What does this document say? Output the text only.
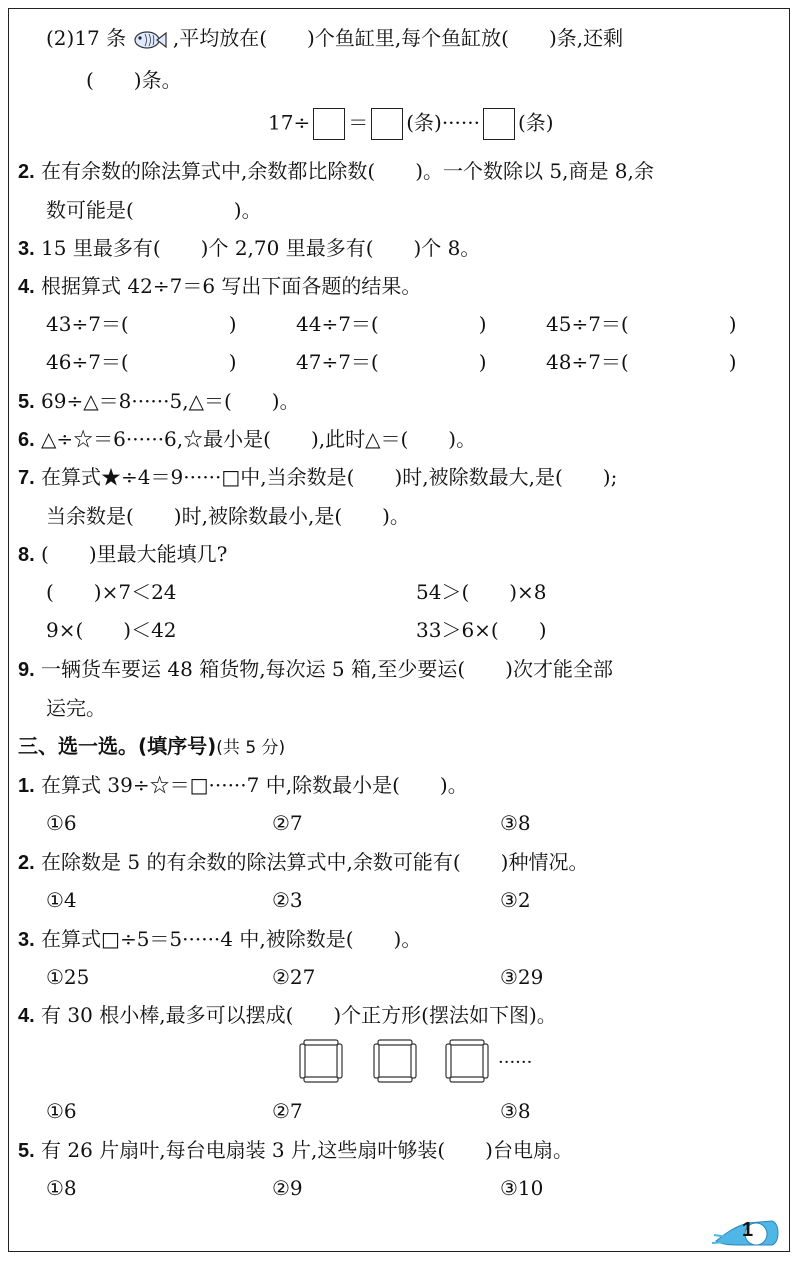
(2)17 条 ,平均放在(　　)个鱼缸里,每个鱼缸放(　　)条,还剩
(　　)条。
17÷ ＝ (条)······ (条)
2. 在有余数的除法算式中,余数都比除数(　　)。一个数除以 5,商是 8,余
数可能是(　　　　　)。
3. 15 里最多有(　　)个 2,70 里最多有(　　)个 8。
4. 根据算式 42÷7＝6 写出下面各题的结果。
43÷7＝(　　　　　)	44÷7＝(　　　　　)	45÷7＝(　　　　　)
46÷7＝(　　　　　)	47÷7＝(　　　　　)	48÷7＝(　　　　　)
5. 69÷△＝8······5,△＝(　　)。
6. △÷☆＝6······6,☆最小是(　　),此时△＝(　　)。
7. 在算式★÷4＝9······□中,当余数是(　　)时,被除数最大,是(　　);
当余数是(　　)时,被除数最小,是(　　)。
8. (　　)里最大能填几?
(　　)×7＜24	54＞(　　)×8
9×(　　)＜42	33＞6×(　　)
9. 一辆货车要运 48 箱货物,每次运 5 箱,至少要运(　　)次才能全部
运完。
三、选一选。(填序号)(共 5 分)
1. 在算式 39÷☆＝□······7 中,除数最小是(　　)。
①6	②7	③8
2. 在除数是 5 的有余数的除法算式中,余数可能有(　　)种情况。
①4	②3	③2
3. 在算式□÷5＝5······4 中,被除数是(　　)。
①25	②27	③29
4. 有 30 根小棒,最多可以摆成(　　)个正方形(摆法如下图)。
······
①6	②7	③8
5. 有 26 片扇叶,每台电扇装 3 片,这些扇叶够装(　　)台电扇。
①8	②9	③10
1
